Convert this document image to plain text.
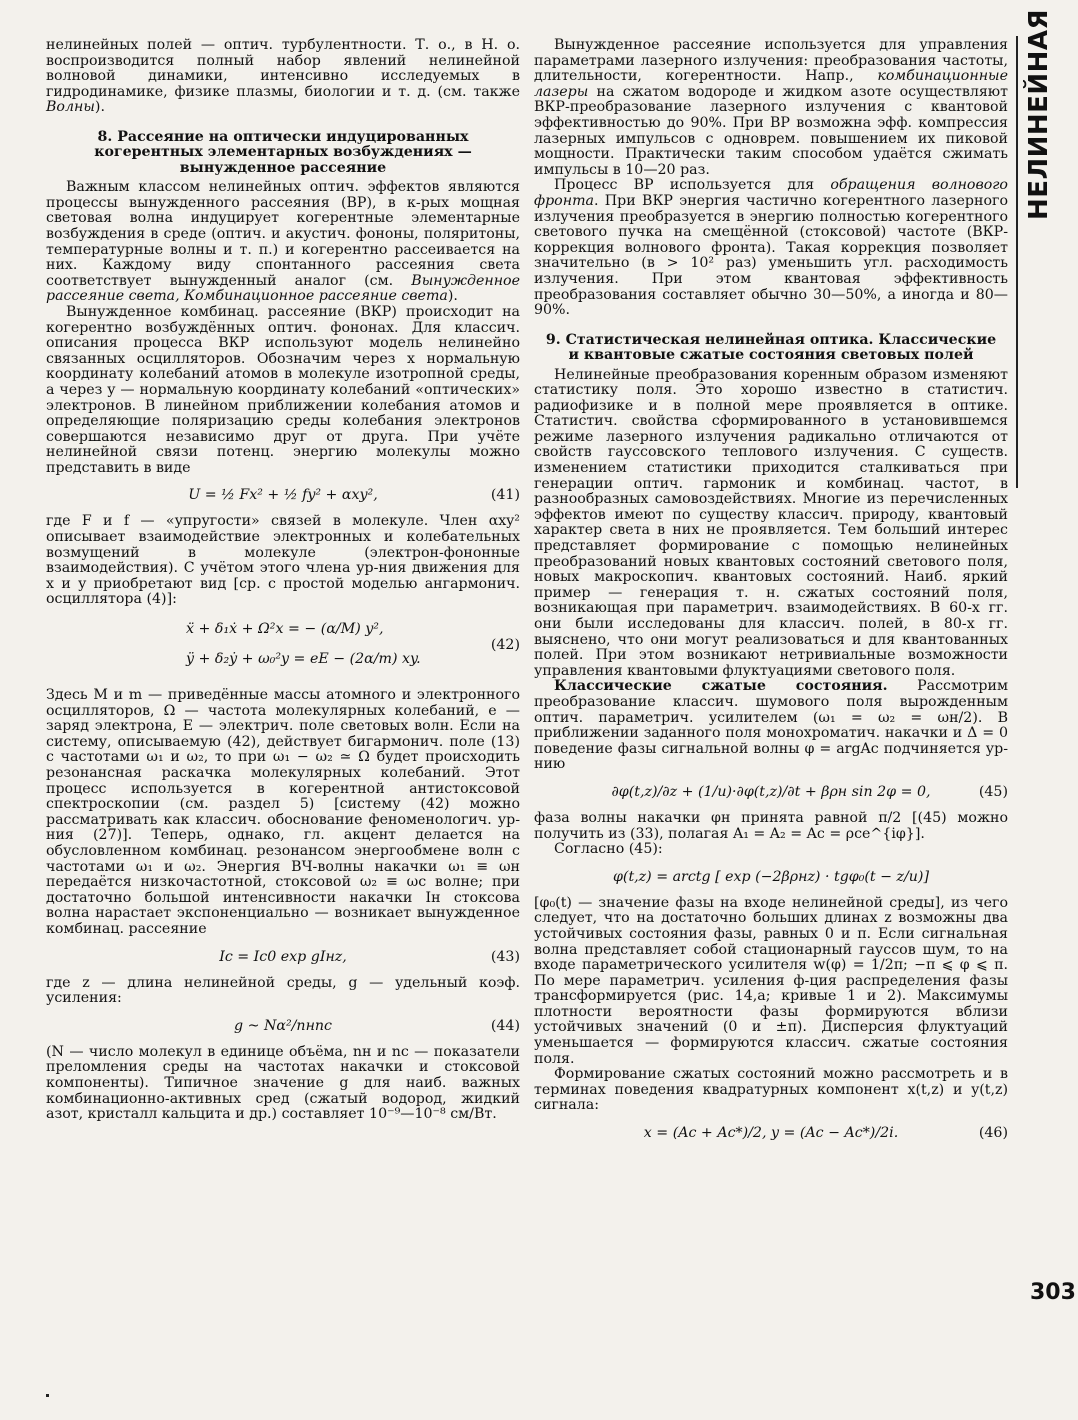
НЕЛИНЕЙНАЯ

нелинейных полей — оптич. турбулентности. Т. о., в Н. о. воспроизводится полный набор явлений нелинейной волновой динамики, интенсивно исследуемых в гидродинамике, физике плазмы, биологии и т. д. (см. также Волны).

8. Рассеяние на оптически индуцированных когерентных элементарных возбуждениях — вынужденное рассеяние

Важным классом нелинейных оптич. эффектов являются процессы вынужденного рассеяния (ВР), в к-рых мощная световая волна индуцирует когерентные элементарные возбуждения в среде (оптич. и акустич. фононы, поляритоны, температурные волны и т. п.) и когерентно рассеивается на них. Каждому виду спонтанного рассеяния света соответствует вынужденный аналог (см. Вынужденное рассеяние света, Комбинационное рассеяние света).

Вынужденное комбинац. рассеяние (ВКР) происходит на когерентно возбуждённых оптич. фононах. Для классич. описания процесса ВКР используют модель нелинейно связанных осцилляторов. Обозначим через x нормальную координату колебаний атомов в молекуле изотропной среды, а через y — нормальную координату колебаний «оптических» электронов. В линейном приближении колебания атомов и определяющие поляризацию среды колебания электронов совершаются независимо друг от друга. При учёте нелинейной связи потенц. энергию молекулы можно представить в виде

U = ½ Fx² + ½ fy² + αxy²,	(41)

где F и f — «упругости» связей в молекуле. Член αxy² описывает взаимодействие электронных и колебательных возмущений в молекуле (электрон-фононные взаимодействия). С учётом этого члена ур-ния движения для x и y приобретают вид [ср. с простой моделью ангармонич. осциллятора (4)]:

ẍ + δ₁ẋ + Ω²x = − (α/M) y²,
ÿ + δ₂ẏ + ω₀²y = eE − (2α/m) xy.
(42)

Здесь M и m — приведённые массы атомного и электронного осцилляторов, Ω — частота молекулярных колебаний, e — заряд электрона, E — электрич. поле световых волн. Если на систему, описываемую (42), действует бигармонич. поле (13) с частотами ω₁ и ω₂, то при ω₁ − ω₂ ≃ Ω будет происходить резонансная раскачка молекулярных колебаний. Этот процесс используется в когерентной антистоксовой спектроскопии (см. раздел 5) [систему (42) можно рассматривать как классич. обоснование феноменологич. ур-ния (27)]. Теперь, однако, гл. акцент делается на обусловленном комбинац. резонансом энергообмене волн с частотами ω₁ и ω₂. Энергия ВЧ-волны накачки ω₁ ≡ ωн передаётся низкочастотной, стоксовой ω₂ ≡ ωс волне; при достаточно большой интенсивности накачки Iн стоксова волна нарастает экспоненциально — возникает вынужденное комбинац. рассеяние

Iс = Iс0 exp gIнz,	(43)

где z — длина нелинейной среды, g — удельный коэф. усиления:

g ~ Nα²/nнnс	(44)

(N — число молекул в единице объёма, nн и nс — показатели преломления среды на частотах накачки и стоксовой компоненты). Типичное значение g для наиб. важных комбинационно-активных сред (сжатый водород, жидкий азот, кристалл кальцита и др.) составляет 10⁻⁹—10⁻⁸ см/Вт.

Вынужденное рассеяние используется для управления параметрами лазерного излучения: преобразования частоты, длительности, когерентности. Напр., комбинационные лазеры на сжатом водороде и жидком азоте осуществляют ВКР-преобразование лазерного излучения с квантовой эффективностью до 90%. При ВР возможна эфф. компрессия лазерных импульсов с одноврем. повышением их пиковой мощности. Практически таким способом удаётся сжимать импульсы в 10—20 раз.

Процесс ВР используется для обращения волнового фронта. При ВКР энергия частично когерентного лазерного излучения преобразуется в энергию полностью когерентного светового пучка на смещённой (стоксовой) частоте (ВКР-коррекция волнового фронта). Такая коррекция позволяет значительно (в > 10² раз) уменьшить угл. расходимость излучения. При этом квантовая эффективность преобразования составляет обычно 30—50%, а иногда и 80—90%.

9. Статистическая нелинейная оптика. Классические и квантовые сжатые состояния световых полей

Нелинейные преобразования коренным образом изменяют статистику поля. Это хорошо известно в статистич. радиофизике и в полной мере проявляется в оптике. Статистич. свойства сформированного в установившемся режиме лазерного излучения радикально отличаются от свойств гауссовского теплового излучения. С существ. изменением статистики приходится сталкиваться при генерации оптич. гармоник и комбинац. частот, в разнообразных самовоздействиях. Многие из перечисленных эффектов имеют по существу классич. природу, квантовый характер света в них не проявляется. Тем больший интерес представляет формирование с помощью нелинейных преобразований новых квантовых состояний светового поля, новых макроскопич. квантовых состояний. Наиб. яркий пример — генерация т. н. сжатых состояний поля, возникающая при параметрич. взаимодействиях. В 60-х гг. они были исследованы для классич. полей, в 80-х гг. выяснено, что они могут реализоваться и для квантованных полей. При этом возникают нетривиальные возможности управления квантовыми флуктуациями светового поля.

Классические сжатые состояния. Рассмотрим преобразование классич. шумового поля вырожденным оптич. параметрич. усилителем (ω₁ = ω₂ = ωн/2). В приближении заданного поля монохроматич. накачки и Δ = 0 поведение фазы сигнальной волны φ = argAс подчиняется ур-нию

∂φ(t,z)/∂z + (1/u)·∂φ(t,z)/∂t + βρн sin 2φ = 0,	(45)

фаза волны накачки φн принята равной π/2 [(45) можно получить из (33), полагая A₁ = A₂ = Aс = ρсe^{iφ}].

Согласно (45):

φ(t,z) = arctg [ exp (−2βρнz) · tgφ₀(t − z/u)]

[φ₀(t) — значение фазы на входе нелинейной среды], из чего следует, что на достаточно больших длинах z возможны два устойчивых состояния фазы, равных 0 и π. Если сигнальная волна представляет собой стационарный гауссов шум, то на входе параметрического усилителя w(φ) = 1/2π; −π ⩽ φ ⩽ π. По мере параметрич. усиления ф-ция распределения фазы трансформируется (рис. 14,а; кривые 1 и 2). Максимумы плотности вероятности фазы формируются вблизи устойчивых значений (0 и ±π). Дисперсия флуктуаций уменьшается — формируются классич. сжатые состояния поля.

Формирование сжатых состояний можно рассмотреть и в терминах поведения квадратурных компонент x(t,z) и y(t,z) сигнала:

x = (Aс + Aс*)/2, y = (Aс − Aс*)/2i.	(46)
303
